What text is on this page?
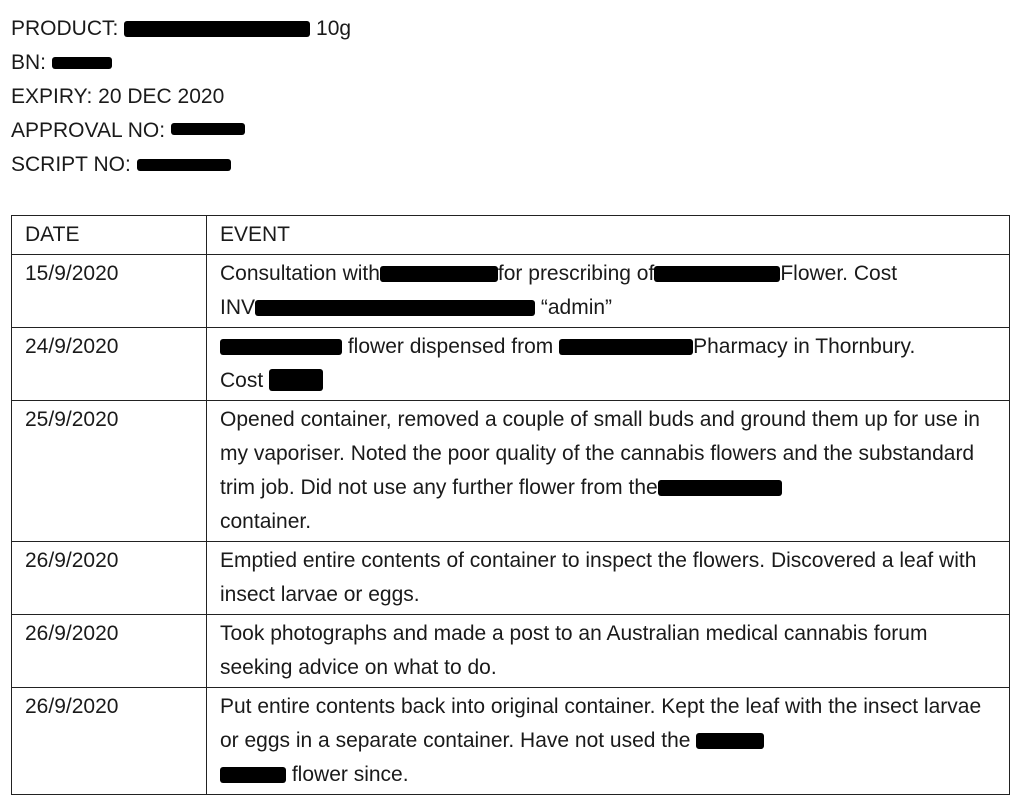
PRODUCT:	10g
BN:
EXPIRY: 20 DEC 2020
APPROVAL NO:
SCRIPT NO:
DATE	EVENT
15/9/2020	Consultation with for prescribing of Flower. Cost
INV “admin”
24/9/2020	flower dispensed from Pharmacy in Thornbury.
Cost
25/9/2020	Opened container, removed a couple of small buds and ground them up for use in my vaporiser. Noted the poor quality of the cannabis flowers and the substandard trim job. Did not use any further flower from the
container.
26/9/2020	Emptied entire contents of container to inspect the flowers. Discovered a leaf with insect larvae or eggs.
26/9/2020	Took photographs and made a post to an Australian medical cannabis forum seeking advice on what to do.
26/9/2020	Put entire contents back into original container. Kept the leaf with the insect larvae or eggs in a separate container. Have not used the
flower since.
